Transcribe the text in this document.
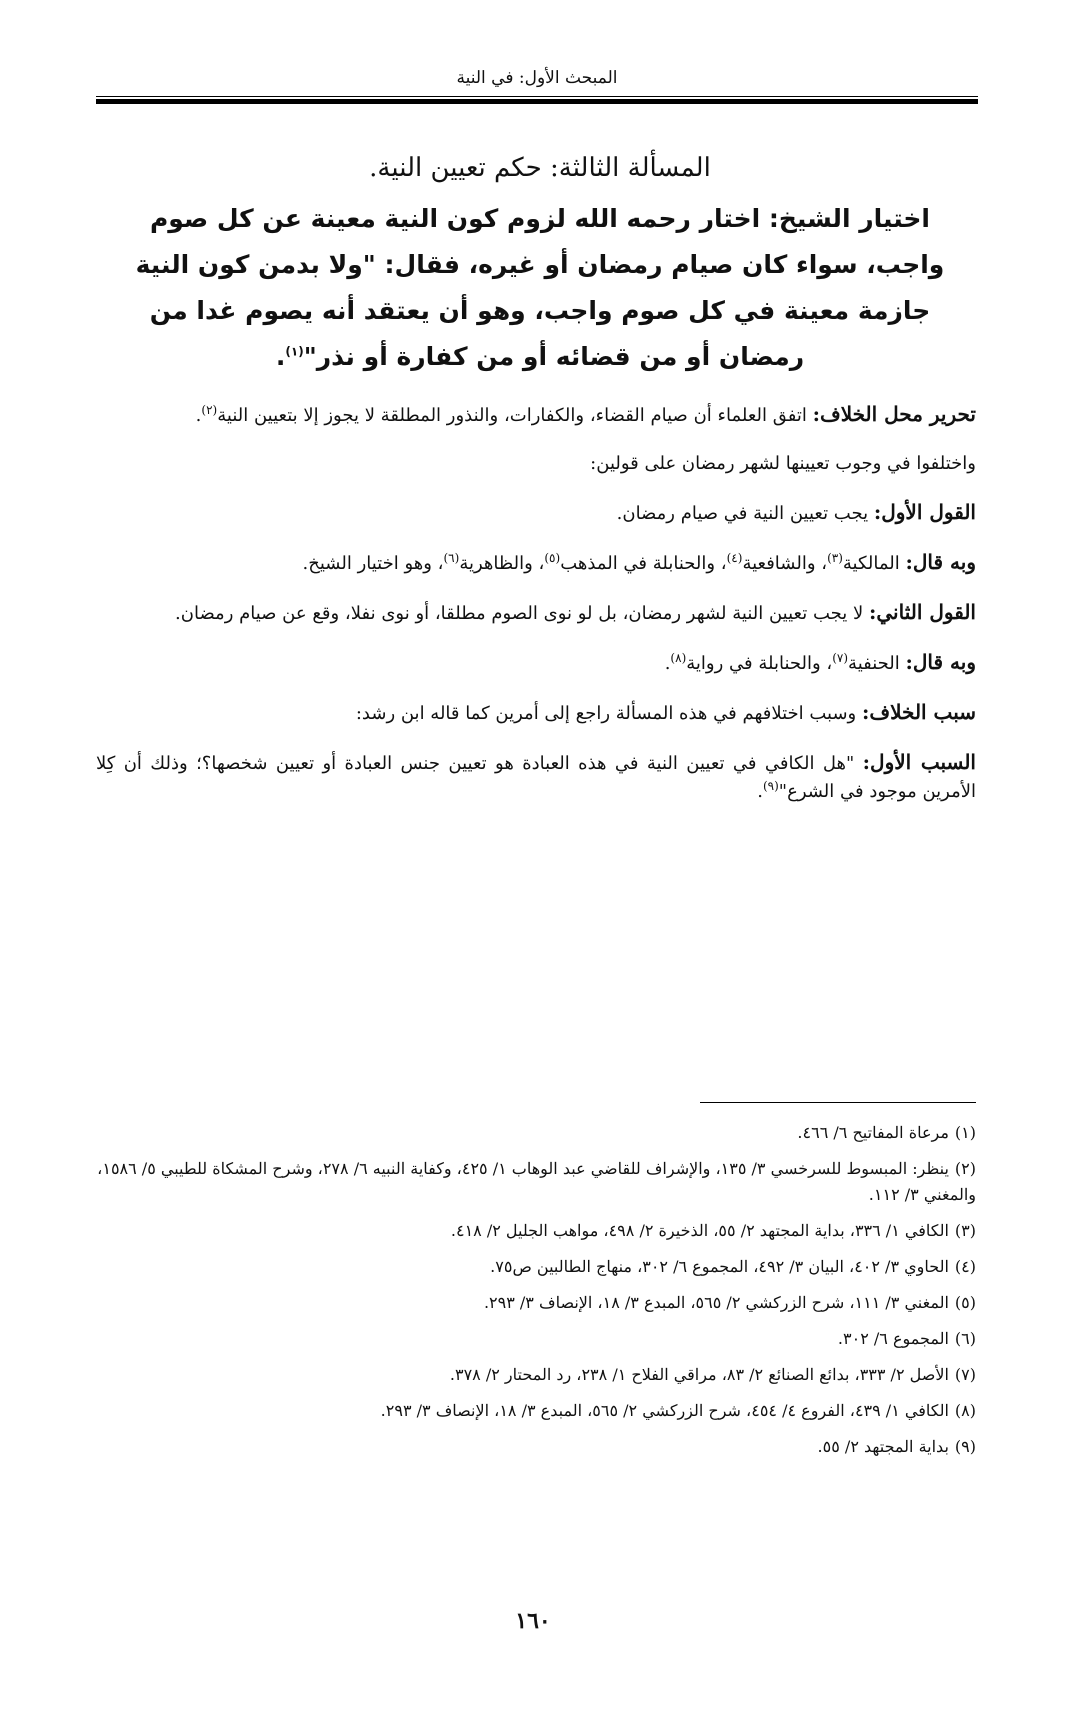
المبحث الأول: في النية
المسألة الثالثة: حكم تعيين النية.
اختيار الشيخ: اختار رحمه الله لزوم كون النية معينة عن كل صوم واجب، سواء كان صيام رمضان أو غيره، فقال: "ولا بدمن كون النية جازمة معينة في كل صوم واجب، وهو أن يعتقد أنه يصوم غدا من رمضان أو من قضائه أو من كفارة أو نذر"$^{(١)}$.

تحرير محل الخلاف: اتفق العلماء أن صيام القضاء، والكفارات، والنذور المطلقة لا يجوز إلا بتعيين النية$^{(٢)}$.

واختلفوا في وجوب تعيينها لشهر رمضان على قولين:

القول الأول: يجب تعيين النية في صيام رمضان.

وبه قال: المالكية$^{(٣)}$، والشافعية$^{(٤)}$، والحنابلة في المذهب$^{(٥)}$، والظاهرية$^{(٦)}$، وهو اختيار الشيخ.

القول الثاني: لا يجب تعيين النية لشهر رمضان، بل لو نوى الصوم مطلقا، أو نوى نفلا، وقع عن صيام رمضان.

وبه قال: الحنفية$^{(٧)}$، والحنابلة في رواية$^{(٨)}$.

سبب الخلاف: وسبب اختلافهم في هذه المسألة راجع إلى أمرين كما قاله ابن رشد:

السبب الأول: "هل الكافي في تعيين النية في هذه العبادة هو تعيين جنس العبادة أو تعيين شخصها؟؛ وذلك أن كِلا الأمرين موجود في الشرع"$^{(٩)}$.

(١)مرعاة المفاتيح ٦/ ٤٦٦.
(٢)ينظر: المبسوط للسرخسي ٣/ ١٣٥، والإشراف للقاضي عبد الوهاب ١/ ٤٢٥، وكفاية النبيه ٦/ ٢٧٨، وشرح المشكاة للطيبي ٥/ ١٥٨٦، والمغني ٣/ ١١٢.
(٣)الكافي ١/ ٣٣٦، بداية المجتهد ٢/ ٥٥، الذخيرة ٢/ ٤٩٨، مواهب الجليل ٢/ ٤١٨.
(٤)الحاوي ٣/ ٤٠٢، البيان ٣/ ٤٩٢، المجموع ٦/ ٣٠٢، منهاج الطالبين ص٧٥.
(٥)المغني ٣/ ١١١، شرح الزركشي ٢/ ٥٦٥، المبدع ٣/ ١٨، الإنصاف ٣/ ٢٩٣.
(٦)المجموع ٦/ ٣٠٢.
(٧)الأصل ٢/ ٣٣٣، بدائع الصنائع ٢/ ٨٣، مراقي الفلاح ١/ ٢٣٨، رد المحتار ٢/ ٣٧٨.
(٨)الكافي ١/ ٤٣٩، الفروع ٤/ ٤٥٤، شرح الزركشي ٢/ ٥٦٥، المبدع ٣/ ١٨، الإنصاف ٣/ ٢٩٣.
(٩)بداية المجتهد ٢/ ٥٥.
١٦٠
